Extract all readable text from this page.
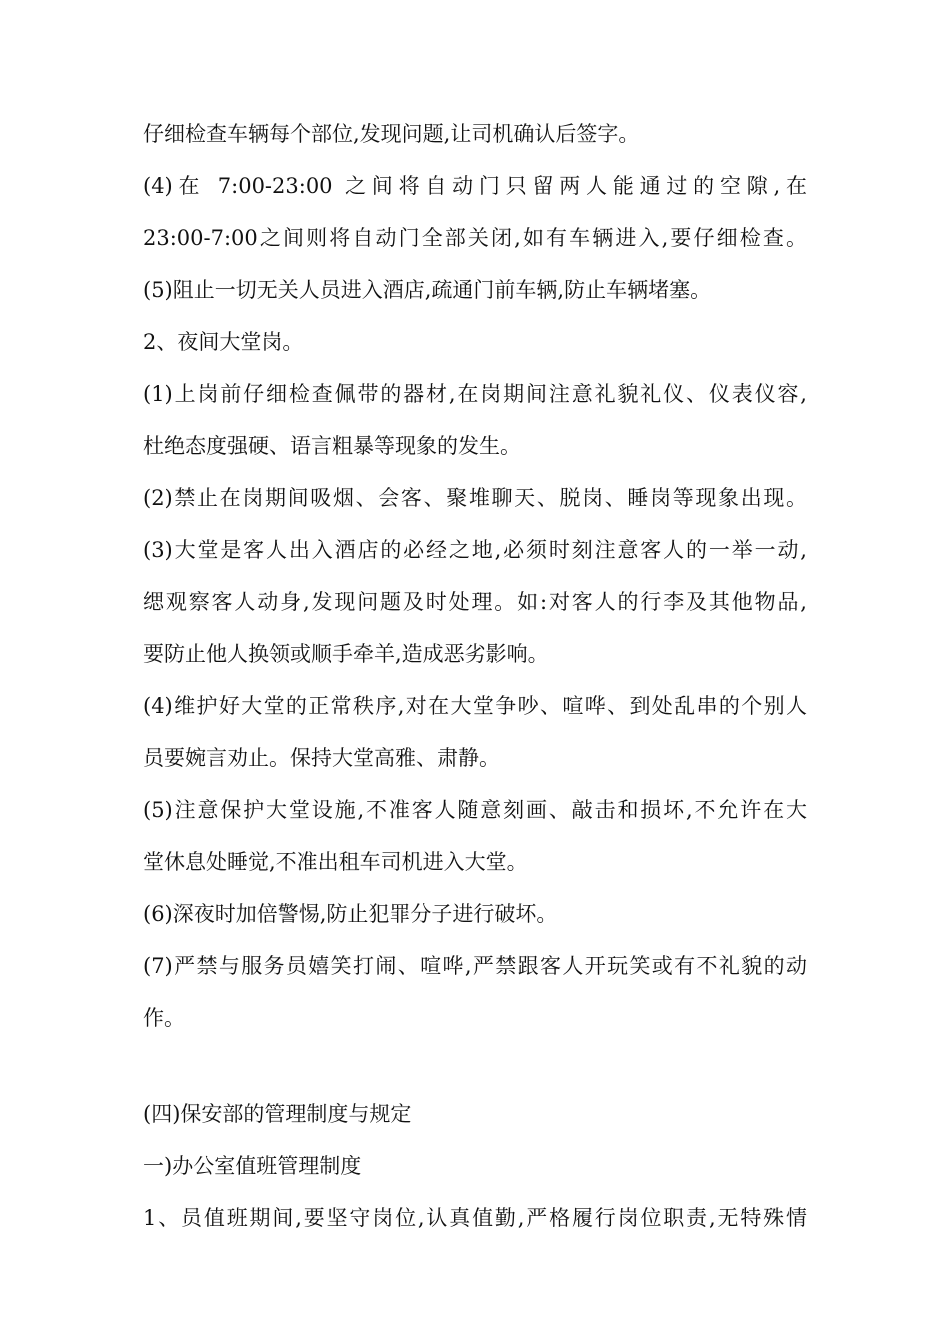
仔细检查车辆每个部位,发现问题,让司机确认后签字。

(4)在 7:00-23:00 之间将自动门只留两人能通过的空隙,在

23:00-7:00之间则将自动门全部关闭,如有车辆进入,要仔细检查。

(5)阻止一切无关人员进入酒店,疏通门前车辆,防止车辆堵塞。

2、夜间大堂岗。

(1)上岗前仔细检查佩带的器材,在岗期间注意礼貌礼仪、仪表仪容,

杜绝态度强硬、语言粗暴等现象的发生。

(2)禁止在岗期间吸烟、会客、聚堆聊天、脱岗、睡岗等现象出现。

(3)大堂是客人出入酒店的必经之地,必须时刻注意客人的一举一动,

缌观察客人动身,发现问题及时处理。如:对客人的行李及其他物品,

要防止他人换领或顺手牵羊,造成恶劣影响。

(4)维护好大堂的正常秩序,对在大堂争吵、喧哗、到处乱串的个别人

员要婉言劝止。保持大堂高雅、肃静。

(5)注意保护大堂设施,不准客人随意刻画、敲击和损坏,不允许在大

堂休息处睡觉,不准出租车司机进入大堂。

(6)深夜时加倍警惕,防止犯罪分子进行破坏。

(7)严禁与服务员嬉笑打闹、喧哗,严禁跟客人开玩笑或有不礼貌的动

作。

(四)保安部的管理制度与规定

一)办公室值班管理制度

1、员值班期间,要坚守岗位,认真值勤,严格履行岗位职责,无特殊情
